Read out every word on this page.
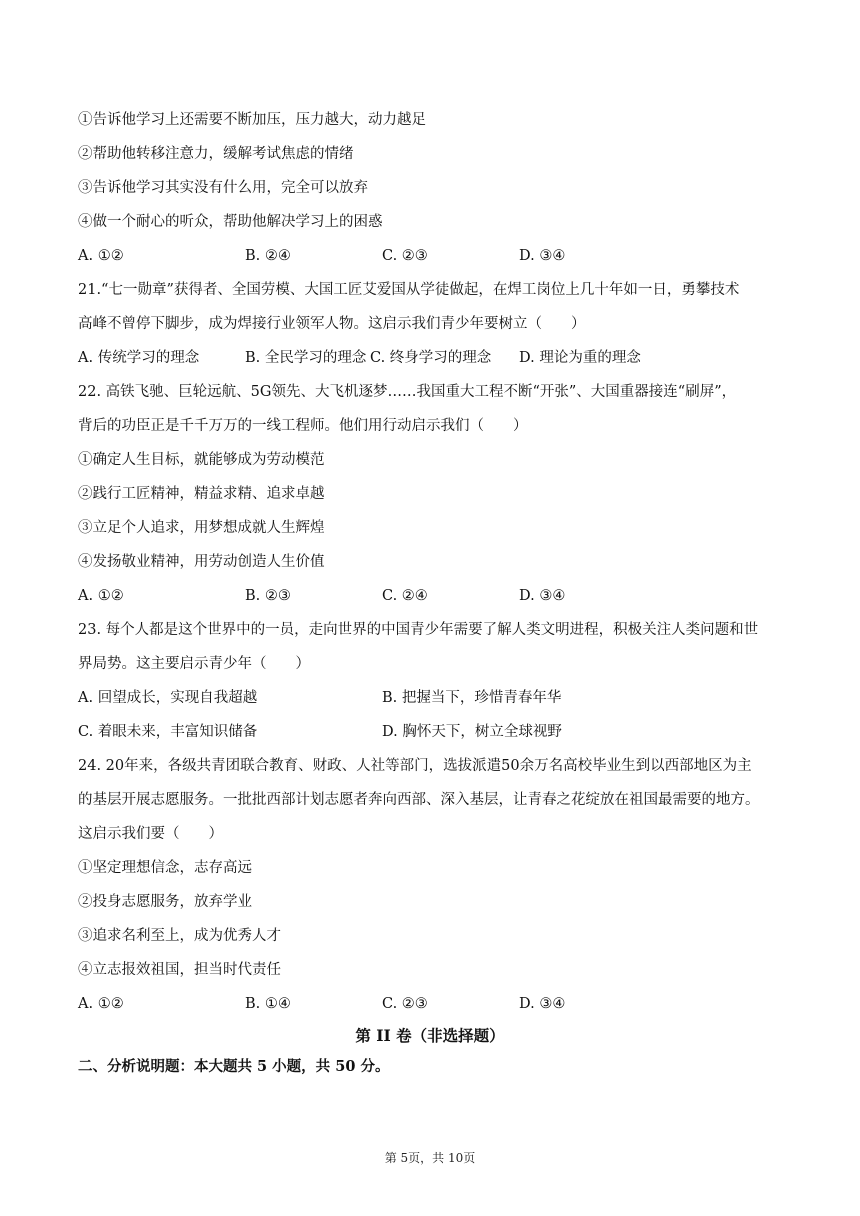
①告诉他学习上还需要不断加压，压力越大，动力越足
②帮助他转移注意力，缓解考试焦虑的情绪
③告诉他学习其实没有什么用，完全可以放弃
④做一个耐心的听众，帮助他解决学习上的困惑
A. ①②	B. ②④	C. ②③	D. ③④
21.“七一勋章”获得者、全国劳模、大国工匠艾爱国从学徒做起，在焊工岗位上几十年如一日，勇攀技术
高峰不曾停下脚步，成为焊接行业领军人物。这启示我们青少年要树立（　　）
A. 传统学习的理念	B. 全民学习的理念 C. 终身学习的理念 D. 理论为重的理念
22. 高铁飞驰、巨轮远航、5G领先、大飞机逐梦……我国重大工程不断“开张”、大国重器接连“刷屏”，
背后的功臣正是千千万万的一线工程师。他们用行动启示我们（　　）
①确定人生目标，就能够成为劳动模范
②践行工匠精神，精益求精、追求卓越
③立足个人追求，用梦想成就人生辉煌
④发扬敬业精神，用劳动创造人生价值
A. ①②	B. ②③	C. ②④	D. ③④
23. 每个人都是这个世界中的一员，走向世界的中国青少年需要了解人类文明进程，积极关注人类问题和世
界局势。这主要启示青少年（　　）
A. 回望成长，实现自我超越	B. 把握当下，珍惜青春年华
C. 着眼未来，丰富知识储备	D. 胸怀天下，树立全球视野
24. 20年来，各级共青团联合教育、财政、人社等部门，选拔派遣50余万名高校毕业生到以西部地区为主
的基层开展志愿服务。一批批西部计划志愿者奔向西部、深入基层，让青春之花绽放在祖国最需要的地方。
这启示我们要（　　）
①坚定理想信念，志存高远
②投身志愿服务，放弃学业
③追求名利至上，成为优秀人才
④立志报效祖国，担当时代责任
A. ①②	B. ①④	C. ②③	D. ③④
第 II 卷（非选择题）
二、分析说明题：本大题共 5 小题，共 50 分。
第 5页，共 10页
